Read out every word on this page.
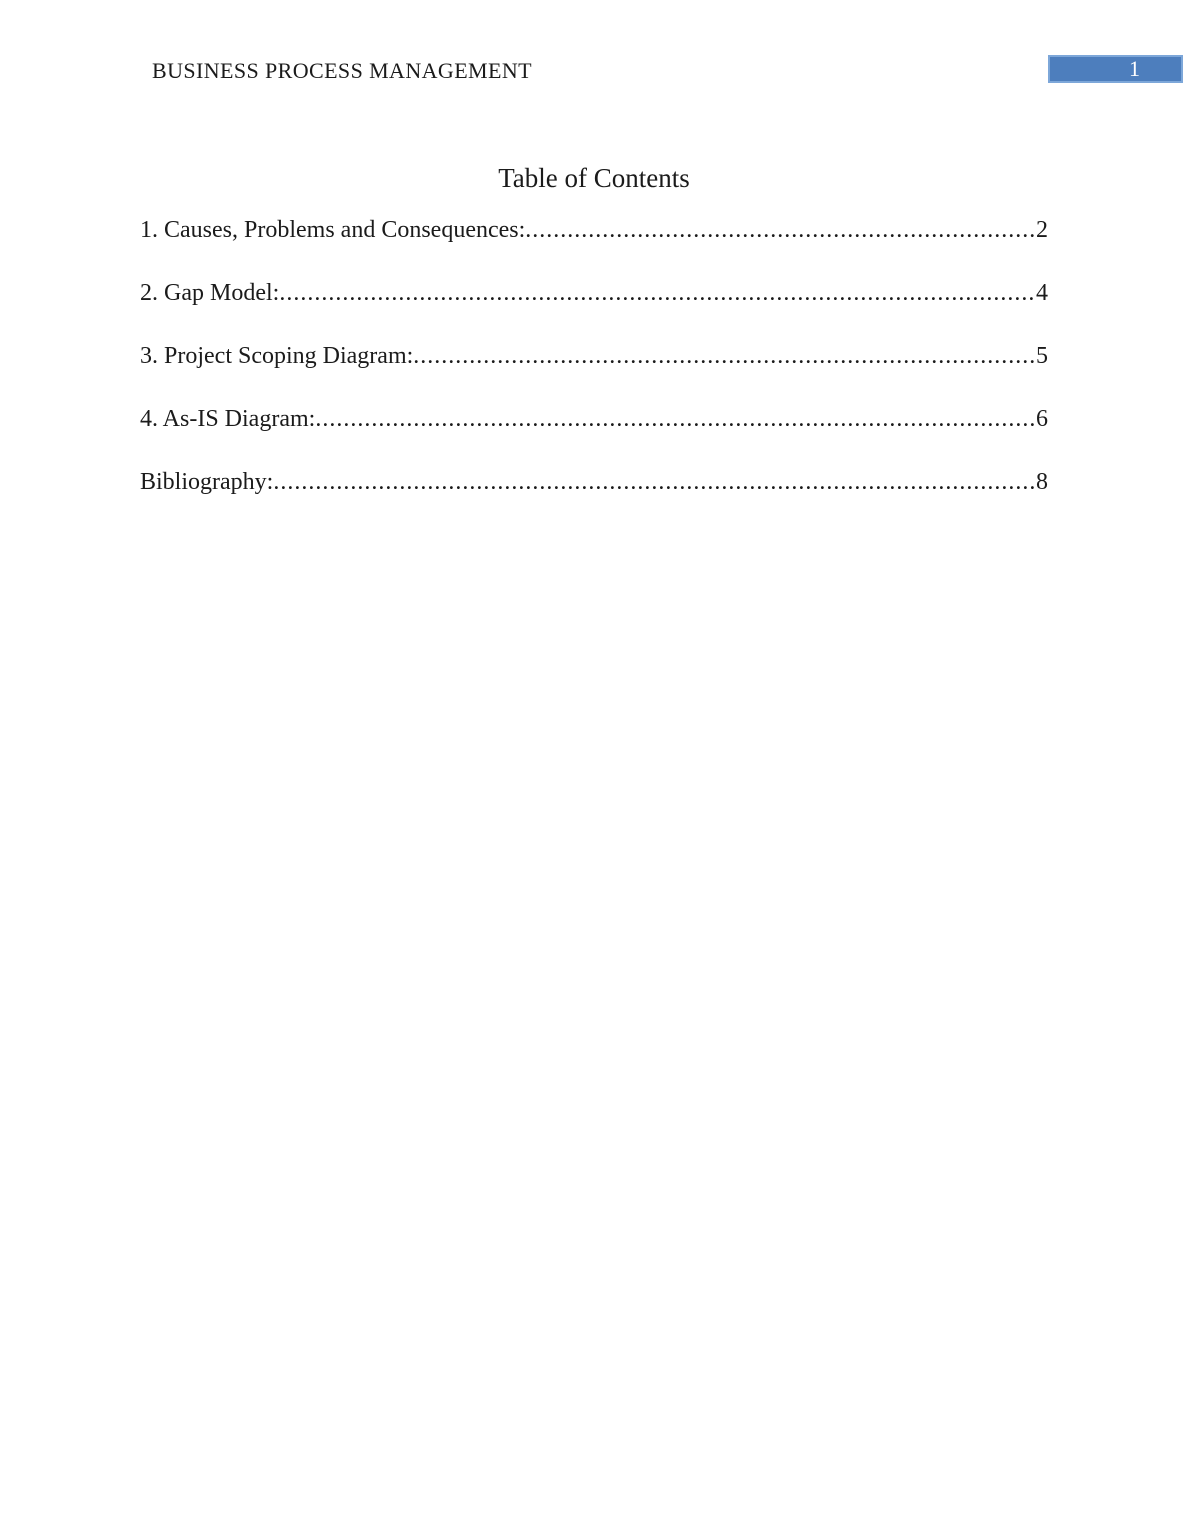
BUSINESS PROCESS MANAGEMENT	1
Table of Contents
1. Causes, Problems and Consequences: .....	2
2. Gap Model: .....	4
3. Project Scoping Diagram: .....	5
4. As-IS Diagram: .....	6
Bibliography: .....	8
